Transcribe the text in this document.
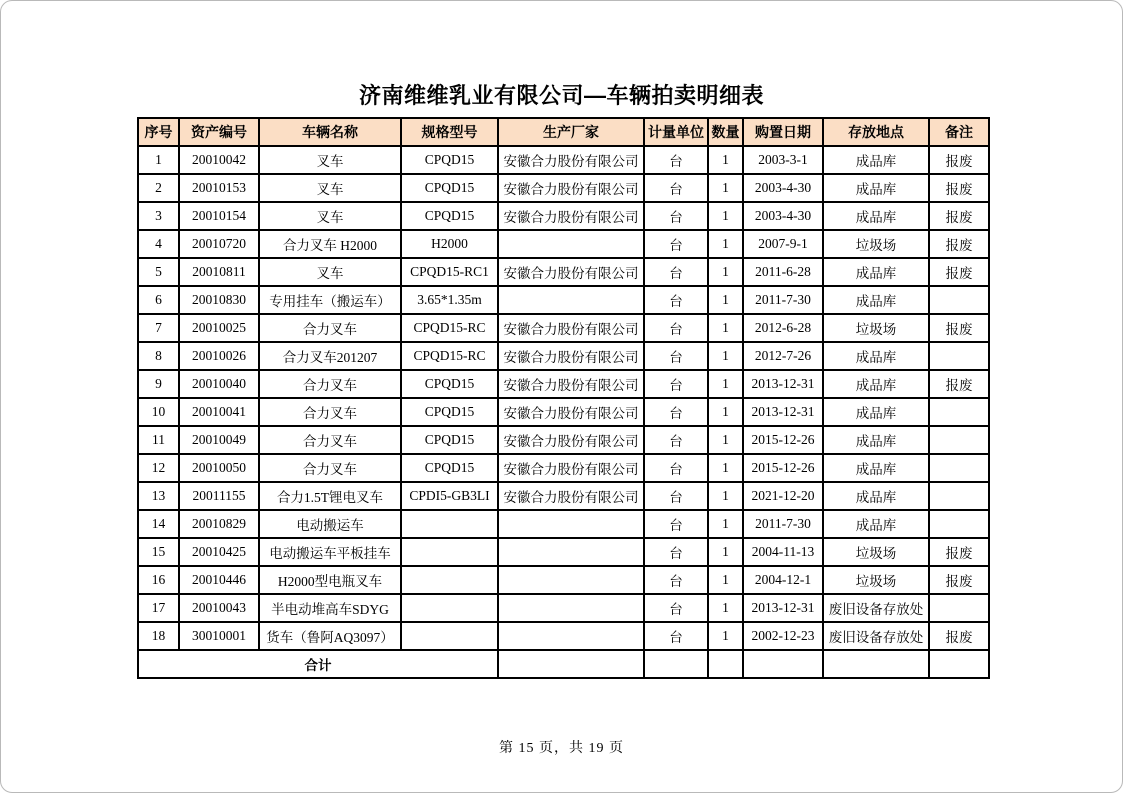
济南维维乳业有限公司—车辆拍卖明细表
序号	资产编号	车辆名称	规格型号	生产厂家	计量单位	数量	购置日期	存放地点	备注
1	20010042	叉车	CPQD15	安徽合力股份有限公司	台	1	2003-3-1	成品库	报废
2	20010153	叉车	CPQD15	安徽合力股份有限公司	台	1	2003-4-30	成品库	报废
3	20010154	叉车	CPQD15	安徽合力股份有限公司	台	1	2003-4-30	成品库	报废
4	20010720	合力叉车 H2000	H2000		台	1	2007-9-1	垃圾场	报废
5	20010811	叉车	CPQD15-RC1	安徽合力股份有限公司	台	1	2011-6-28	成品库	报废
6	20010830	专用挂车（搬运车）	3.65*1.35m		台	1	2011-7-30	成品库	
7	20010025	合力叉车	CPQD15-RC	安徽合力股份有限公司	台	1	2012-6-28	垃圾场	报废
8	20010026	合力叉车201207	CPQD15-RC	安徽合力股份有限公司	台	1	2012-7-26	成品库	
9	20010040	合力叉车	CPQD15	安徽合力股份有限公司	台	1	2013-12-31	成品库	报废
10	20010041	合力叉车	CPQD15	安徽合力股份有限公司	台	1	2013-12-31	成品库	
11	20010049	合力叉车	CPQD15	安徽合力股份有限公司	台	1	2015-12-26	成品库	
12	20010050	合力叉车	CPQD15	安徽合力股份有限公司	台	1	2015-12-26	成品库	
13	20011155	合力1.5T锂电叉车	CPDI5-GB3LI	安徽合力股份有限公司	台	1	2021-12-20	成品库	
14	20010829	电动搬运车			台	1	2011-7-30	成品库	
15	20010425	电动搬运车平板挂车			台	1	2004-11-13	垃圾场	报废
16	20010446	H2000型电瓶叉车			台	1	2004-12-1	垃圾场	报废
17	20010043	半电动堆高车SDYG			台	1	2013-12-31	废旧设备存放处	
18	30010001	货车（鲁阿AQ3097）			台	1	2002-12-23	废旧设备存放处	报废
合计									
第 15 页，共 19 页
